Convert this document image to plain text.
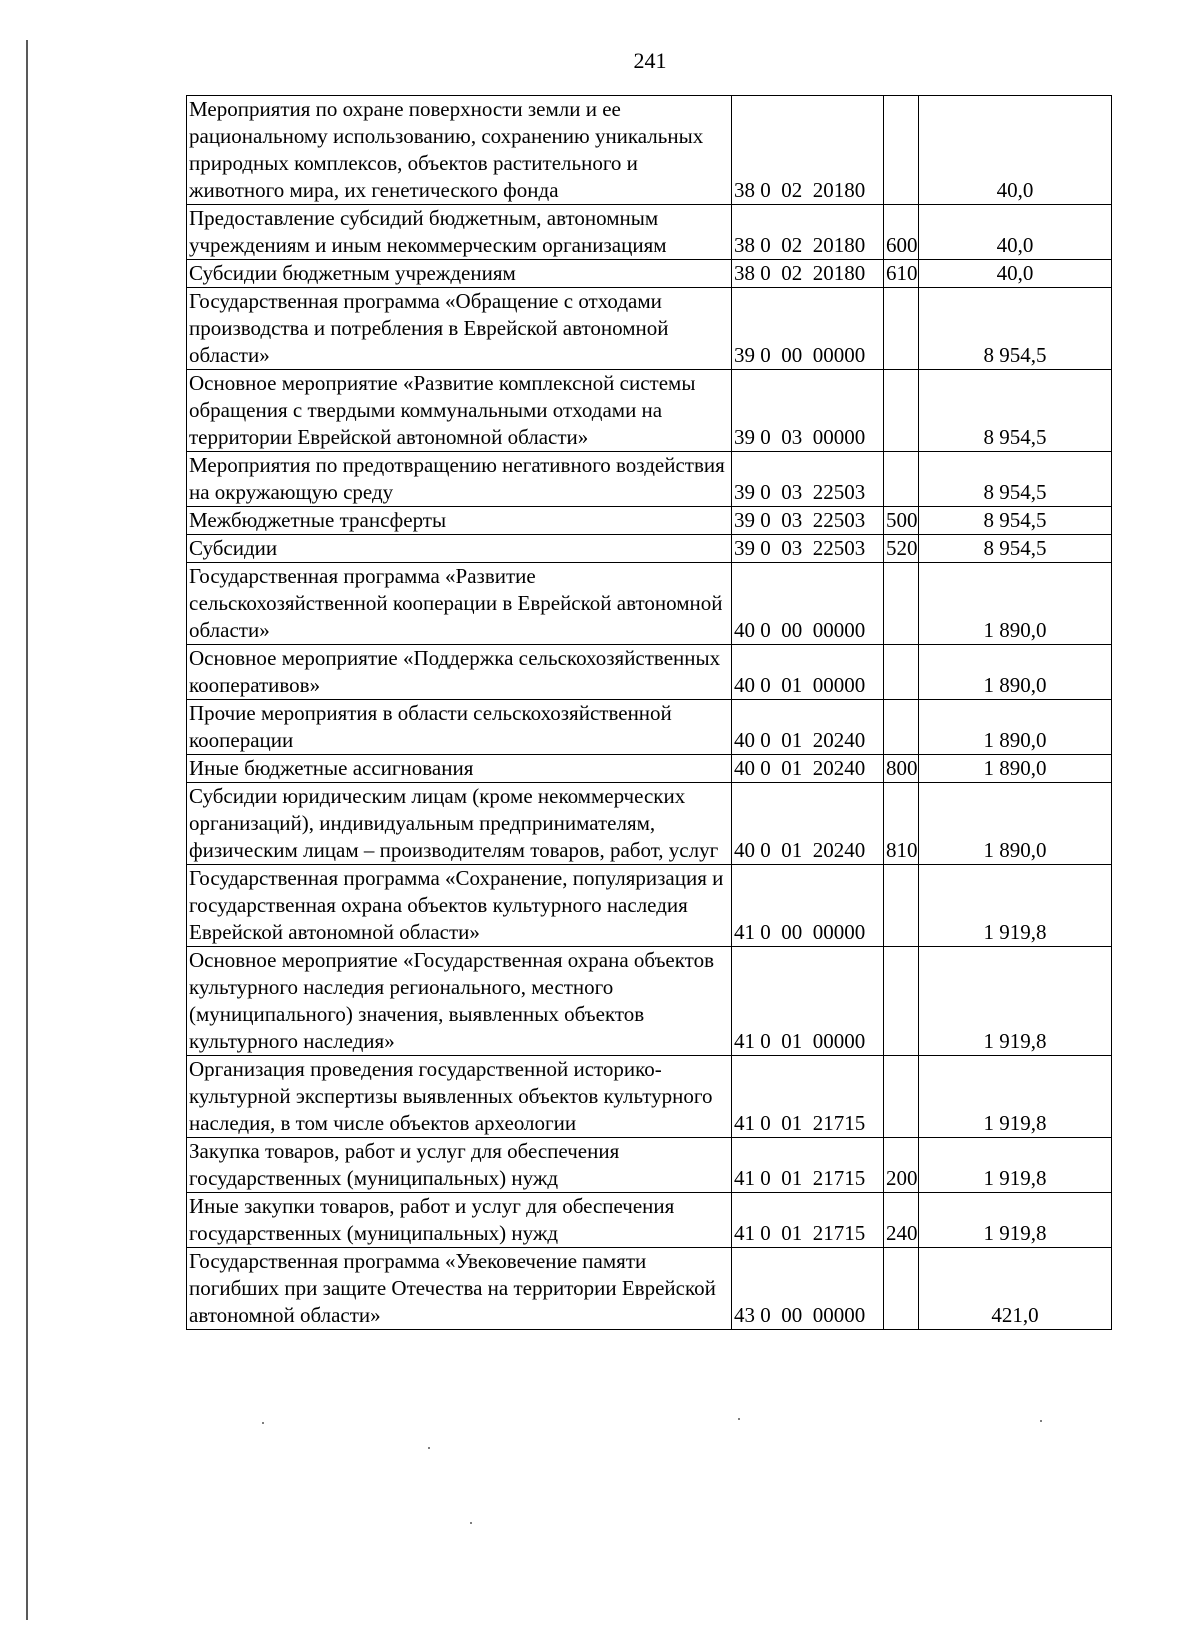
241
Мероприятия по охране поверхности земли и ее рациональному использованию, сохранению уникальных природных комплексов, объектов растительного и животного мира, их генетического фонда	38 0  02  20180		40,0
Предоставление субсидий бюджетным, автономным учреждениям и иным некоммерческим организациям	38 0  02  20180	600	40,0
Субсидии бюджетным учреждениям	38 0  02  20180	610	40,0
Государственная программа «Обращение с отходами производства и потребления в Еврейской автономной области»	39 0  00  00000		8 954,5
Основное мероприятие «Развитие комплексной системы обращения с твердыми коммунальными отходами на территории Еврейской автономной области»	39 0  03  00000		8 954,5
Мероприятия по предотвращению негативного воздействия на окружающую среду	39 0  03  22503		8 954,5
Межбюджетные трансферты	39 0  03  22503	500	8 954,5
Субсидии	39 0  03  22503	520	8 954,5
Государственная программа «Развитие сельскохозяйственной кооперации в Еврейской автономной области»	40 0  00  00000		1 890,0
Основное мероприятие «Поддержка сельскохозяйственных кооперативов»	40 0  01  00000		1 890,0
Прочие мероприятия в области сельскохозяйственной кооперации	40 0  01  20240		1 890,0
Иные бюджетные ассигнования	40 0  01  20240	800	1 890,0
Субсидии юридическим лицам (кроме некоммерческих организаций), индивидуальным предпринимателям, физическим лицам – производителям товаров, работ, услуг	40 0  01  20240	810	1 890,0
Государственная программа «Сохранение, популяризация и государственная охрана объектов культурного наследия Еврейской автономной области»	41 0  00  00000		1 919,8
Основное мероприятие «Государственная охрана объектов культурного наследия регионального, местного (муниципального) значения, выявленных объектов культурного наследия»	41 0  01  00000		1 919,8
Организация проведения государственной историко-культурной экспертизы выявленных объектов культурного наследия, в том числе объектов археологии	41 0  01  21715		1 919,8
Закупка товаров, работ и услуг для обеспечения государственных (муниципальных) нужд	41 0  01  21715	200	1 919,8
Иные закупки товаров, работ и услуг для обеспечения государственных (муниципальных) нужд	41 0  01  21715	240	1 919,8
Государственная программа «Увековечение памяти погибших при защите Отечества на территории Еврейской автономной области»	43 0  00  00000		421,0
